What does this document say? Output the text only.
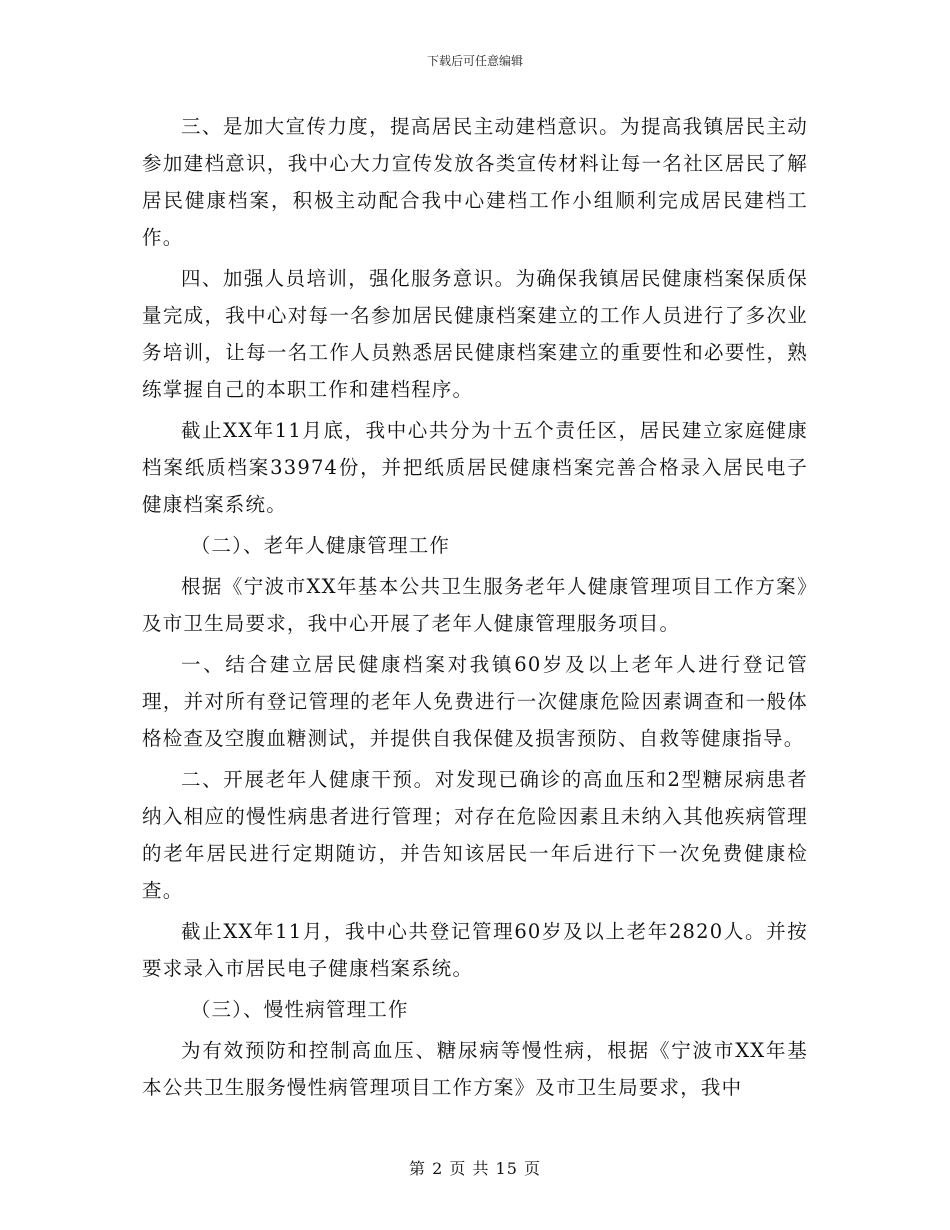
下载后可任意编辑

三、是加大宣传力度，提高居民主动建档意识。为提高我镇居民主动参加建档意识，我中心大力宣传发放各类宣传材料让每一名社区居民了解居民健康档案，积极主动配合我中心建档工作小组顺利完成居民建档工作。

四、加强人员培训，强化服务意识。为确保我镇居民健康档案保质保量完成，我中心对每一名参加居民健康档案建立的工作人员进行了多次业务培训，让每一名工作人员熟悉居民健康档案建立的重要性和必要性，熟练掌握自己的本职工作和建档程序。

截止XX年11月底，我中心共分为十五个责任区，居民建立家庭健康档案纸质档案33974份，并把纸质居民健康档案完善合格录入居民电子健康档案系统。

（二）、老年人健康管理工作

根据《宁波市XX年基本公共卫生服务老年人健康管理项目工作方案》及市卫生局要求，我中心开展了老年人健康管理服务项目。

一、结合建立居民健康档案对我镇60岁及以上老年人进行登记管理，并对所有登记管理的老年人免费进行一次健康危险因素调查和一般体格检查及空腹血糖测试，并提供自我保健及损害预防、自救等健康指导。

二、开展老年人健康干预。对发现已确诊的高血压和2型糖尿病患者纳入相应的慢性病患者进行管理；对存在危险因素且未纳入其他疾病管理的老年居民进行定期随访，并告知该居民一年后进行下一次免费健康检查。

截止XX年11月，我中心共登记管理60岁及以上老年2820人。并按要求录入市居民电子健康档案系统。

（三）、慢性病管理工作

为有效预防和控制高血压、糖尿病等慢性病，根据《宁波市XX年基本公共卫生服务慢性病管理项目工作方案》及市卫生局要求，我中

第 2 页 共 15 页
